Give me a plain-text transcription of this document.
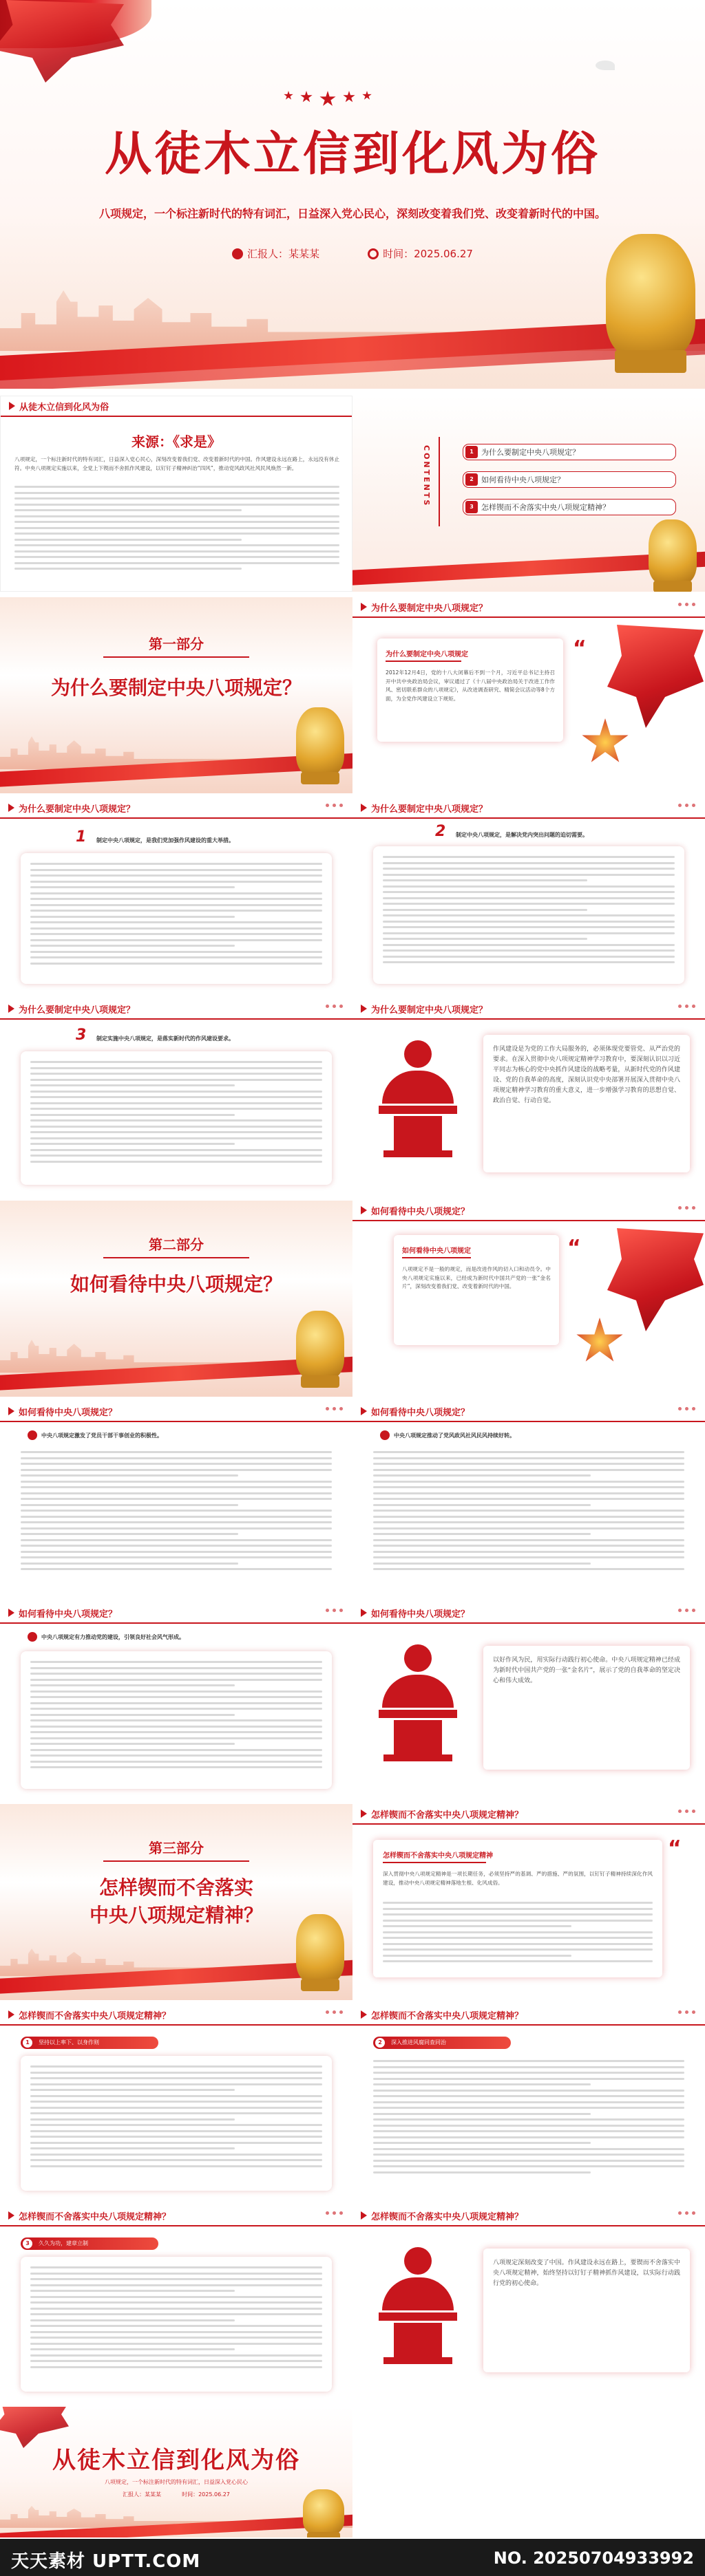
从徒木立信到化风为俗
八项规定，一个标注新时代的特有词汇，日益深入党心民心，深刻改变着我们党、改变着新时代的中国。
汇报人：某某某	时间：2025.06.27
从徒木立信到化风为俗
来源：《求是》
八项规定，一个标注新时代的特有词汇，日益深入党心民心，深刻改变着我们党、改变着新时代的中国。作风建设永远在路上，永远没有休止符。中央八项规定实施以来，全党上下锲而不舍抓作风建设，以钉钉子精神纠治“四风”，推动党风政风社风民风焕然一新。	CONTENTS	1	为什么要制定中央八项规定？
2	如何看待中央八项规定？
3	怎样锲而不舍落实中央八项规定精神？
第一部分
为什么要制定中央八项规定？
为什么要制定中央八项规定？
为什么要制定中央八项规定
2012年12月4日，党的十八大闭幕后不到一个月，习近平总书记主持召开中共中央政治局会议，审议通过了《十八届中央政治局关于改进工作作风、密切联系群众的八项规定》，从改进调查研究、精简会议活动等8个方面，为全党作风建设立下规矩。
“
为什么要制定中央八项规定？
1 制定中央八项规定，是我们党加强作风建设的重大举措。
为什么要制定中央八项规定？
2 制定中央八项规定，是解决党内突出问题的迫切需要。
为什么要制定中央八项规定？
3 制定实施中央八项规定，是落实新时代的作风建设要求。
为什么要制定中央八项规定？
作风建设是为党的工作大局服务的，必须体现党要管党、从严治党的要求。在深入贯彻中央八项规定精神学习教育中，要深刻认识以习近平同志为核心的党中央抓作风建设的战略考量，从新时代党的作风建设、党的自我革命的高度，深刻认识党中央部署开展深入贯彻中央八项规定精神学习教育的重大意义，进一步增强学习教育的思想自觉、政治自觉、行动自觉。
第二部分
如何看待中央八项规定？
如何看待中央八项规定？
如何看待中央八项规定
八项规定不是一般的规定，而是改进作风的切入口和动员令。中央八项规定实施以来，已经成为新时代中国共产党的一张“金名片”，深刻改变着我们党、改变着新时代的中国。
“
如何看待中央八项规定？
中央八项规定激发了党员干部干事创业的积极性。
如何看待中央八项规定？
中央八项规定推动了党风政风社风民风持续好转。
如何看待中央八项规定？
中央八项规定有力推动党的建设，引领良好社会风气形成。
如何看待中央八项规定？
以好作风为民，用实际行动践行初心使命。中央八项规定精神已经成为新时代中国共产党的一张“金名片”，展示了党的自我革命的坚定决心和伟大成效。
第三部分
怎样锲而不舍落实
中央八项规定精神？
怎样锲而不舍落实中央八项规定精神？
怎样锲而不舍落实中央八项规定精神
深入贯彻中央八项规定精神是一项长期任务，必须坚持严的基调、严的措施、严的氛围，以钉钉子精神持续深化作风建设，推动中央八项规定精神落地生根、化风成俗。
“
怎样锲而不舍落实中央八项规定精神？
1	坚持以上率下、以身作则
怎样锲而不舍落实中央八项规定精神？
2	深入推进风腐同查同治
怎样锲而不舍落实中央八项规定精神？
3	久久为功，建章立制
怎样锲而不舍落实中央八项规定精神？
八项规定深刻改变了中国。作风建设永远在路上，要锲而不舍落实中央八项规定精神，始终坚持以钉钉子精神抓作风建设，以实际行动践行党的初心使命。
从徒木立信到化风为俗
八项规定，一个标注新时代的特有词汇，日益深入党心民心
汇报人：某某某	时间：2025.06.27
天天素材 UPTT.COM	NO. 20250704933992
